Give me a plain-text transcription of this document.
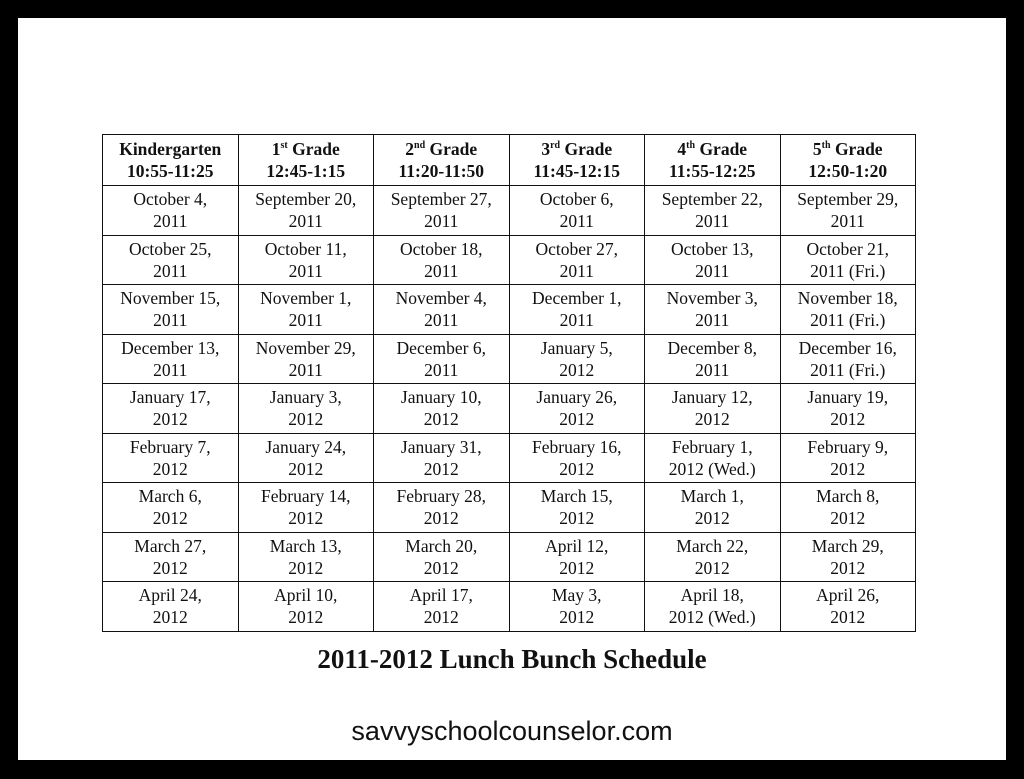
Kindergarten
10:55-11:25	1st Grade
12:45-1:15	2nd Grade
11:20-11:50	3rd Grade
11:45-12:15	4th Grade
11:55-12:25	5th Grade
12:50-1:20

October 4,
2011	September 20,
2011	September 27,
2011	October 6,
2011	September 22,
2011	September 29,
2011

October 25,
2011	October 11,
2011	October 18,
2011	October 27,
2011	October 13,
2011	October 21,
2011 (Fri.)

November 15,
2011	November 1,
2011	November 4,
2011	December 1,
2011	November 3,
2011	November 18,
2011 (Fri.)

December 13,
2011	November 29,
2011	December 6,
2011	January 5,
2012	December 8,
2011	December 16,
2011 (Fri.)

January 17,
2012	January 3,
2012	January 10,
2012	January 26,
2012	January 12,
2012	January 19,
2012

February 7,
2012	January 24,
2012	January 31,
2012	February 16,
2012	February 1,
2012 (Wed.)	February 9,
2012

March 6,
2012	February 14,
2012	February 28,
2012	March 15,
2012	March 1,
2012	March 8,
2012

March 27,
2012	March 13,
2012	March 20,
2012	April 12,
2012	March 22,
2012	March 29,
2012

April 24,
2012	April 10,
2012	April 17,
2012	May 3,
2012	April 18,
2012 (Wed.)	April 26,
2012
2011-2012 Lunch Bunch Schedule
savvyschoolcounselor.com
